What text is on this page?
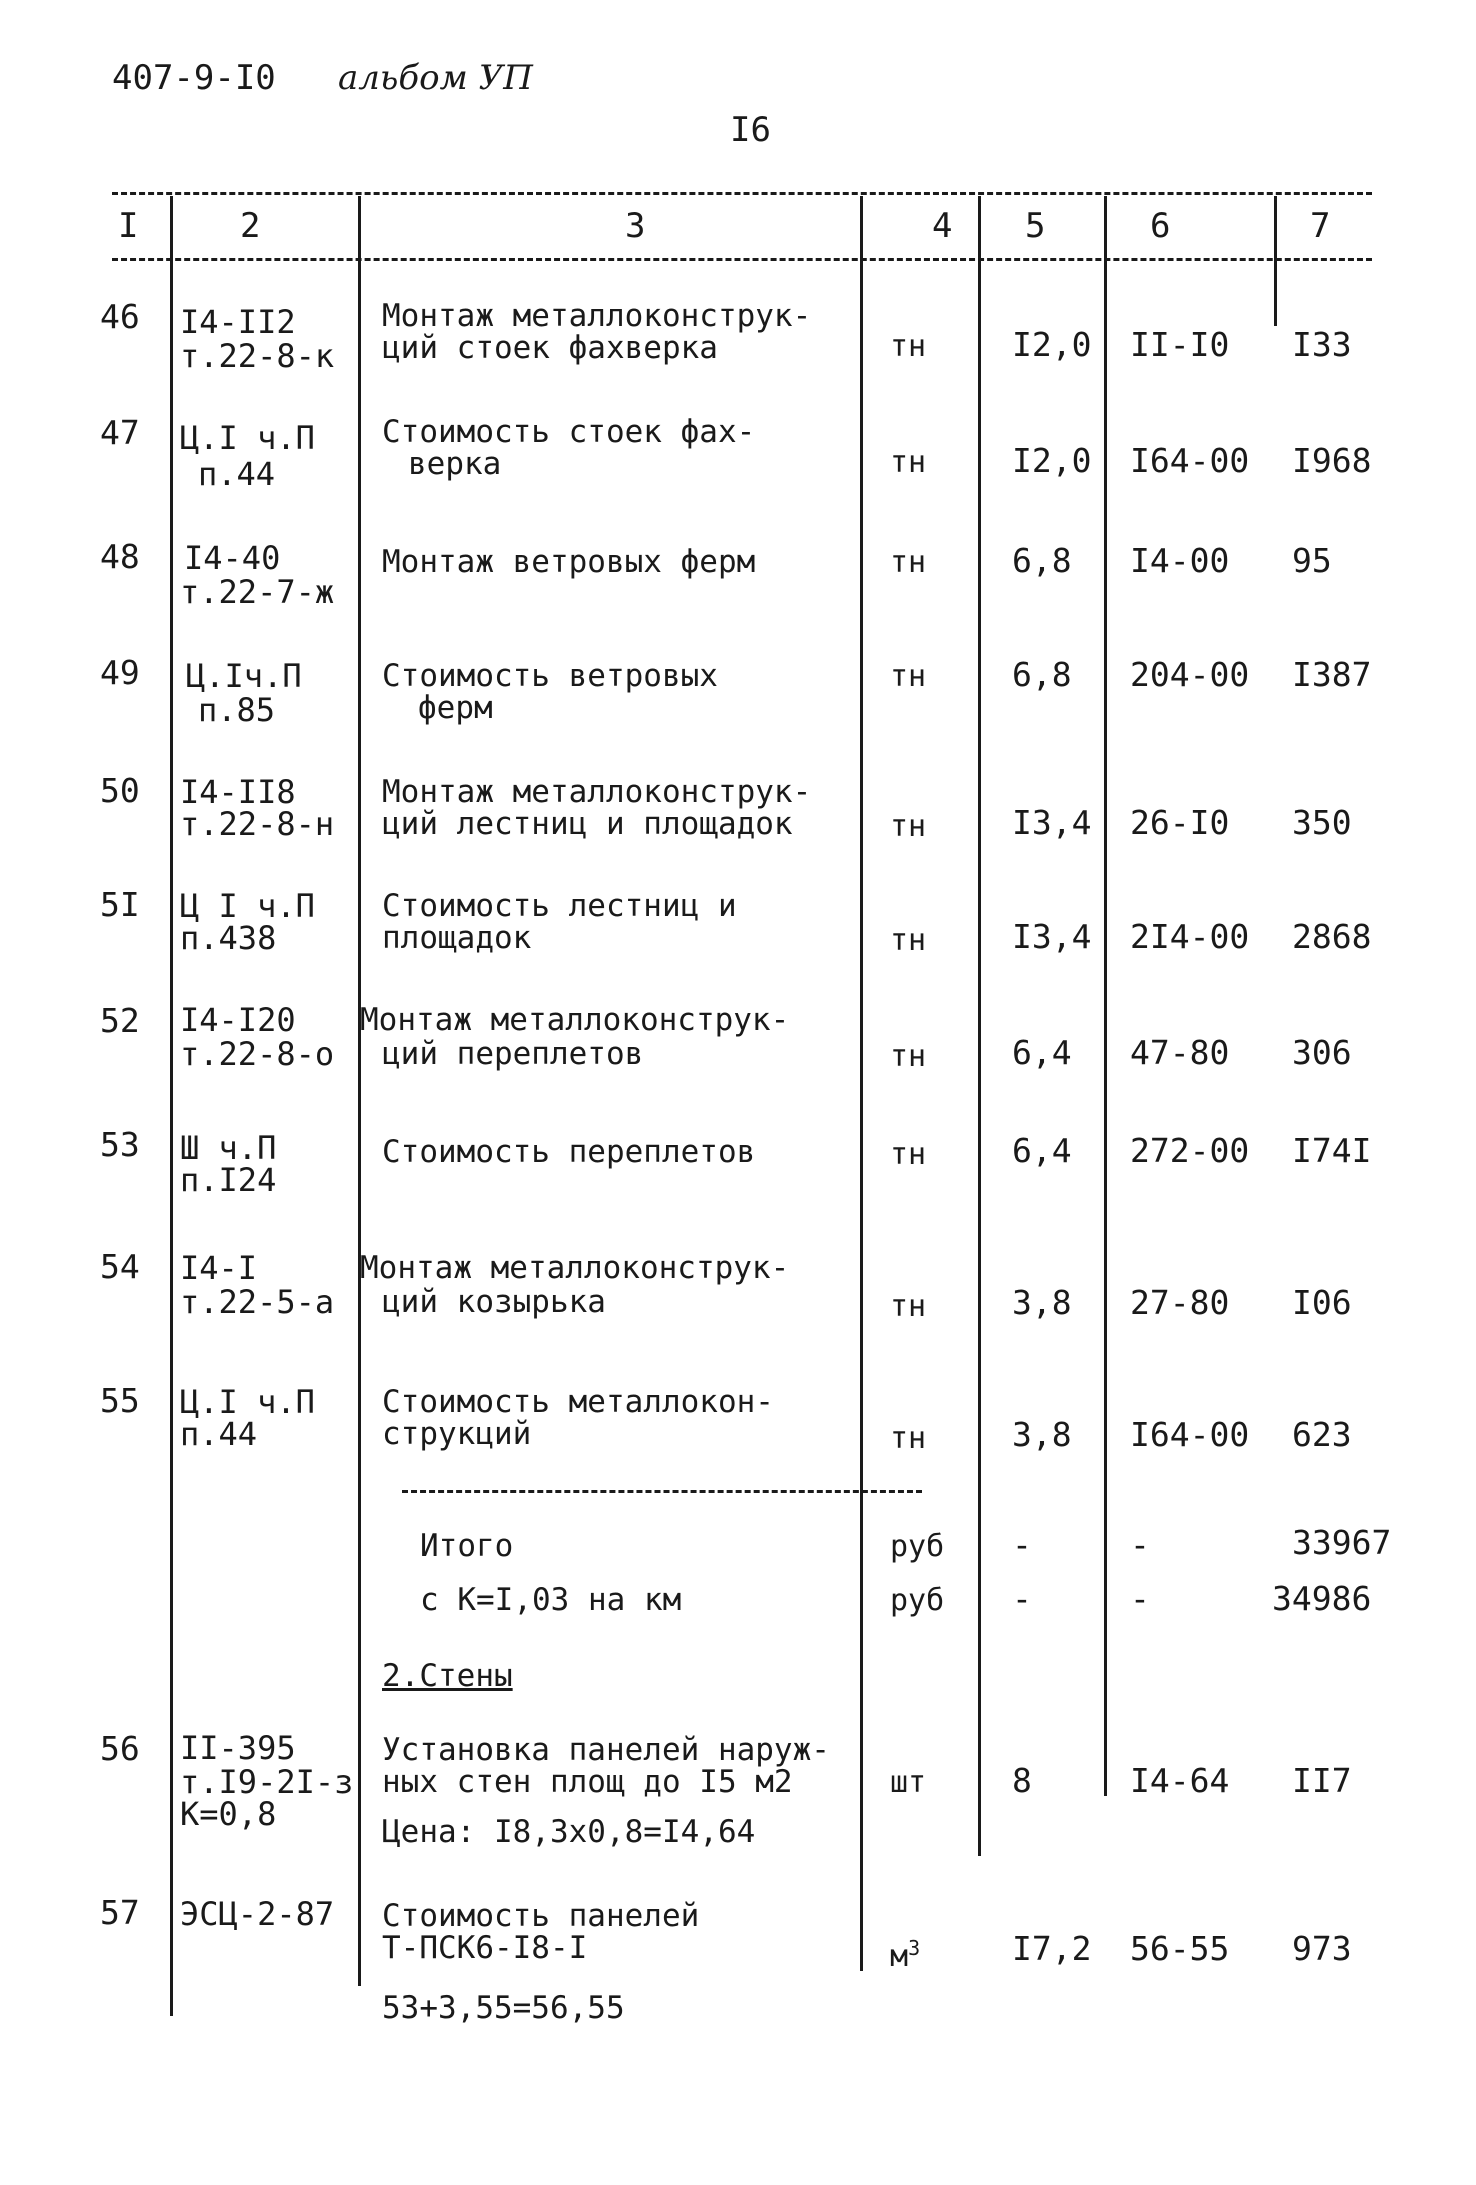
407-9-I0 альбом УП
I6
I	2	3	4 5	6	7
46 I4-II2
т.22-8-к
Монтаж металлоконструк-
ций стоек фахверка	тн	I2,0 II-I0 I33
47 Ц.I ч.П
п.44
Стоимость стоек фах-
верка	тн	I2,0 I64-00 I968
48 I4-40
т.22-7-ж
Монтаж ветровых ферм	тн	6,8 I4-00 95
49 Ц.Iч.П
п.85
Стоимость ветровых
ферм
тн	6,8 204-00 I387
50 I4-II8
т.22-8-н
Монтаж металлоконструк-
ций лестниц и площадок	тн	I3,4 26-I0 350
5I Ц I ч.П
п.438
Стоимость лестниц и
площадок	тн	I3,4 2I4-00 2868
52 I4-I20
т.22-8-о
Монтаж металлоконструк-
ций переплетов	тн	6,4 47-80 306
53 Ш ч.П
п.I24
Стоимость переплетов	тн	6,4 272-00 I74I
54 I4-I
т.22-5-а
Монтаж металлоконструк-
ций козырька	тн	3,8 27-80 I06
55 Ц.I ч.П
п.44
Стоимость металлокон-
струкций	тн	3,8 I64-00 623
Итого	руб -	-	33967
с К=I,03 на км	руб -	-	34986
2.Стены
56 II-395
т.I9-2I-з
К=0,8
Установка панелей наруж-
ных стен площ до I5 м2
Цена: I8,3х0,8=I4,64
шт	8	I4-64 II7
57 ЭСЦ-2-87 Стоимость панелей
Т-ПСК6-I8-I
53+3,55=56,55
$м^3$	I7,2 56-55 973
